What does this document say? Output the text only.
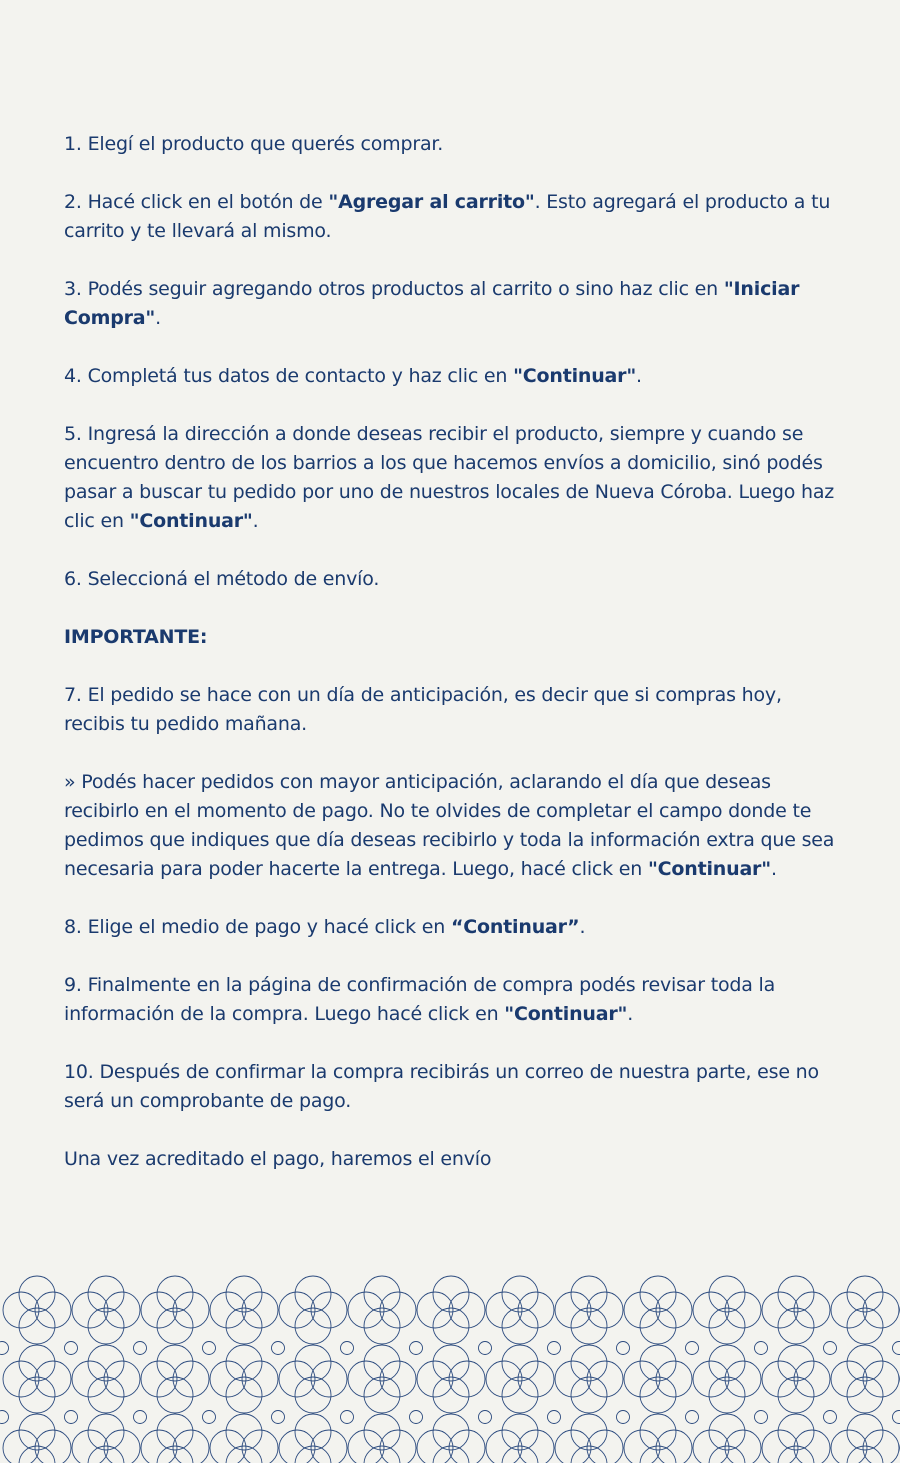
1. Elegí el producto que querés comprar.

2. Hacé click en el botón de "Agregar al carrito". Esto agregará el producto a tu carrito y te llevará al mismo.

3. Podés seguir agregando otros productos al carrito o sino haz clic en "Iniciar Compra".

4. Completá tus datos de contacto y haz clic en "Continuar".

5. Ingresá la dirección a donde deseas recibir el producto, siempre y cuando se encuentro dentro de los barrios a los que hacemos envíos a domicilio, sinó podés pasar a buscar tu pedido por uno de nuestros locales de Nueva Córoba. Luego haz clic en "Continuar".

6. Seleccioná el método de envío.

IMPORTANTE:

7. El pedido se hace con un día de anticipación, es decir que si compras hoy, recibis tu pedido mañana.

» Podés hacer pedidos con mayor anticipación, aclarando el día que deseas recibirlo en el momento de pago. No te olvides de completar el campo donde te pedimos que indiques que día deseas recibirlo y toda la información extra que sea necesaria para poder hacerte la entrega. Luego, hacé click en "Continuar".

8. Elige el medio de pago y hacé click en “Continuar”.

9. Finalmente en la página de confirmación de compra podés revisar toda la información de la compra. Luego hacé click en "Continuar".

10. Después de confirmar la compra recibirás un correo de nuestra parte, ese no será un comprobante de pago.

Una vez acreditado el pago, haremos el envío
